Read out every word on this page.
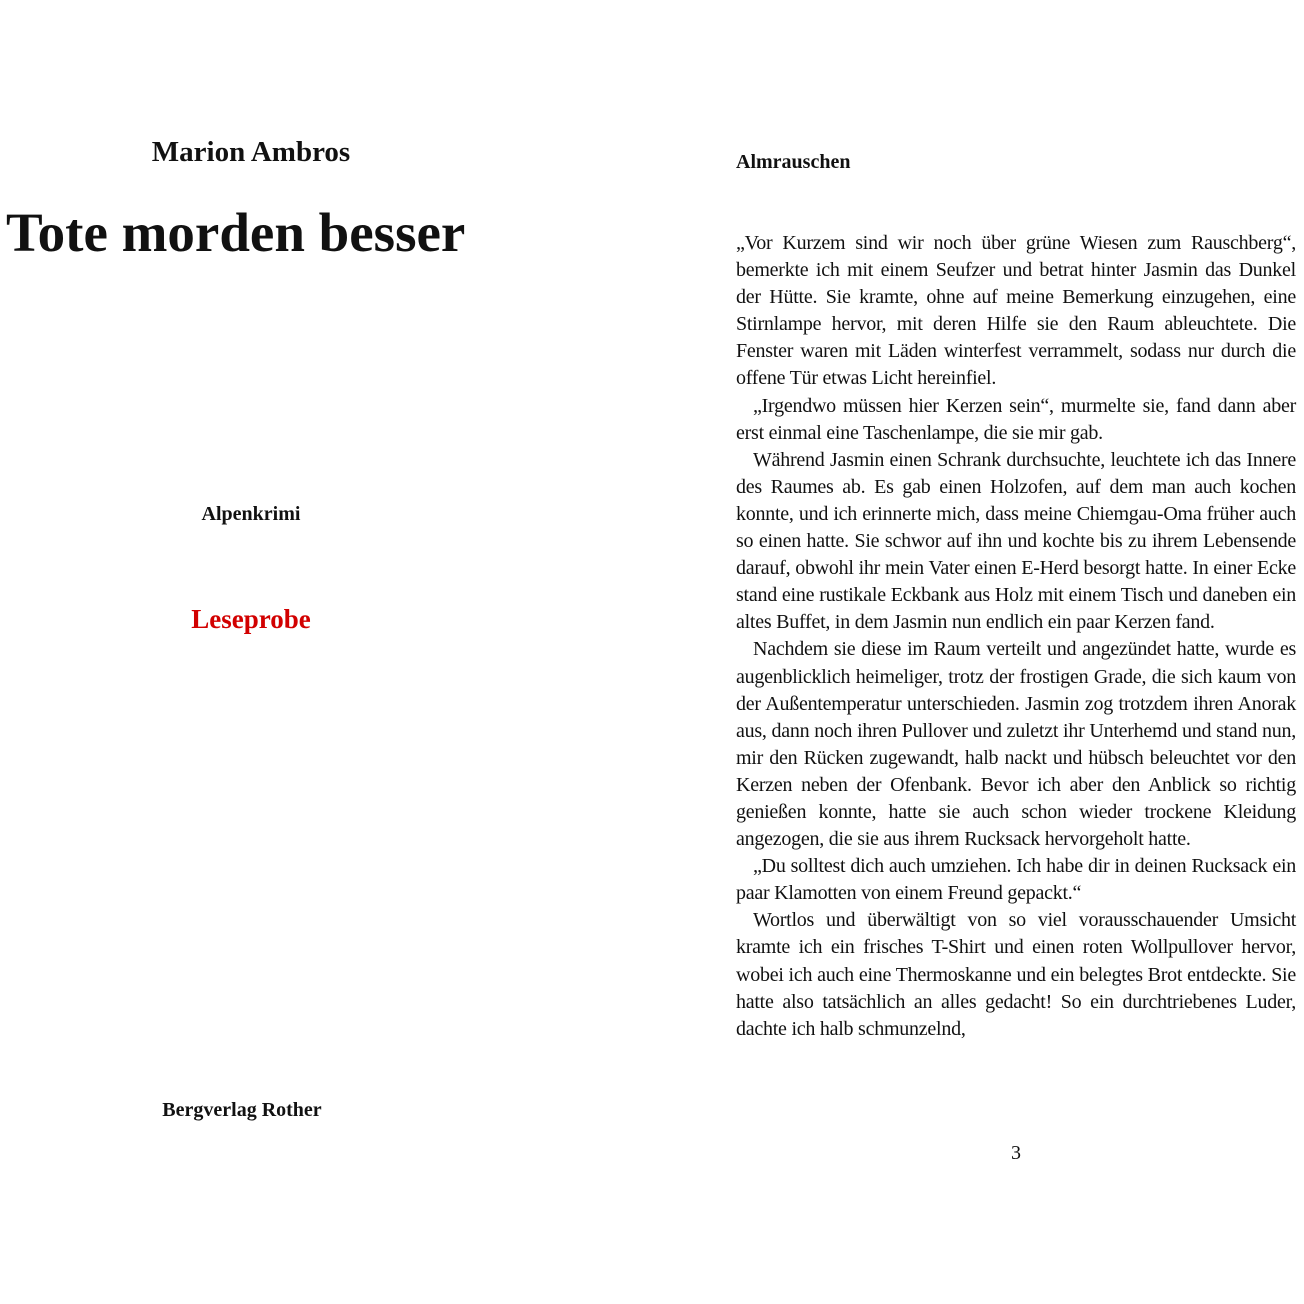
Marion Ambros
Tote morden besser
Alpenkrimi
Leseprobe
Bergverlag Rother
Almrauschen

„Vor Kurzem sind wir noch über grüne Wiesen zum Rauschberg“, bemerkte ich mit einem Seufzer und betrat hinter Jasmin das Dunkel der Hütte. Sie kramte, ohne auf meine Bemerkung einzugehen, eine Stirnlampe hervor, mit deren Hilfe sie den Raum ableuchtete. Die Fenster waren mit Läden winterfest verrammelt, sodass nur durch die offene Tür etwas Licht hereinfiel.

„Irgendwo müssen hier Kerzen sein“, murmelte sie, fand dann aber erst einmal eine Taschenlampe, die sie mir gab.

Während Jasmin einen Schrank durchsuchte, leuchtete ich das Innere des Raumes ab. Es gab einen Holzofen, auf dem man auch kochen konnte, und ich erinnerte mich, dass meine Chiemgau-Oma früher auch so einen hatte. Sie schwor auf ihn und kochte bis zu ihrem Lebensende darauf, obwohl ihr mein Vater einen E-Herd besorgt hatte. In einer Ecke stand eine rustikale Eckbank aus Holz mit einem Tisch und daneben ein altes Buffet, in dem Jasmin nun endlich ein paar Kerzen fand.

Nachdem sie diese im Raum verteilt und angezündet hatte, wurde es augenblicklich heimeliger, trotz der frostigen Grade, die sich kaum von der Außentemperatur unterschieden. Jasmin zog trotzdem ihren Anorak aus, dann noch ihren Pullover und zuletzt ihr Unterhemd und stand nun, mir den Rücken zugewandt, halb nackt und hübsch beleuchtet vor den Kerzen neben der Ofenbank. Bevor ich aber den Anblick so richtig genießen konnte, hatte sie auch schon wieder trockene Kleidung angezogen, die sie aus ihrem Rucksack hervorgeholt hatte.

„Du solltest dich auch umziehen. Ich habe dir in deinen Rucksack ein paar Klamotten von einem Freund gepackt.“

Wortlos und überwältigt von so viel vorausschauender Umsicht kramte ich ein frisches T-Shirt und einen roten Wollpullover hervor, wobei ich auch eine Thermoskanne und ein belegtes Brot entdeckte. Sie hatte also tatsächlich an alles gedacht! So ein durchtriebenes Luder, dachte ich halb schmunzelnd,

3
